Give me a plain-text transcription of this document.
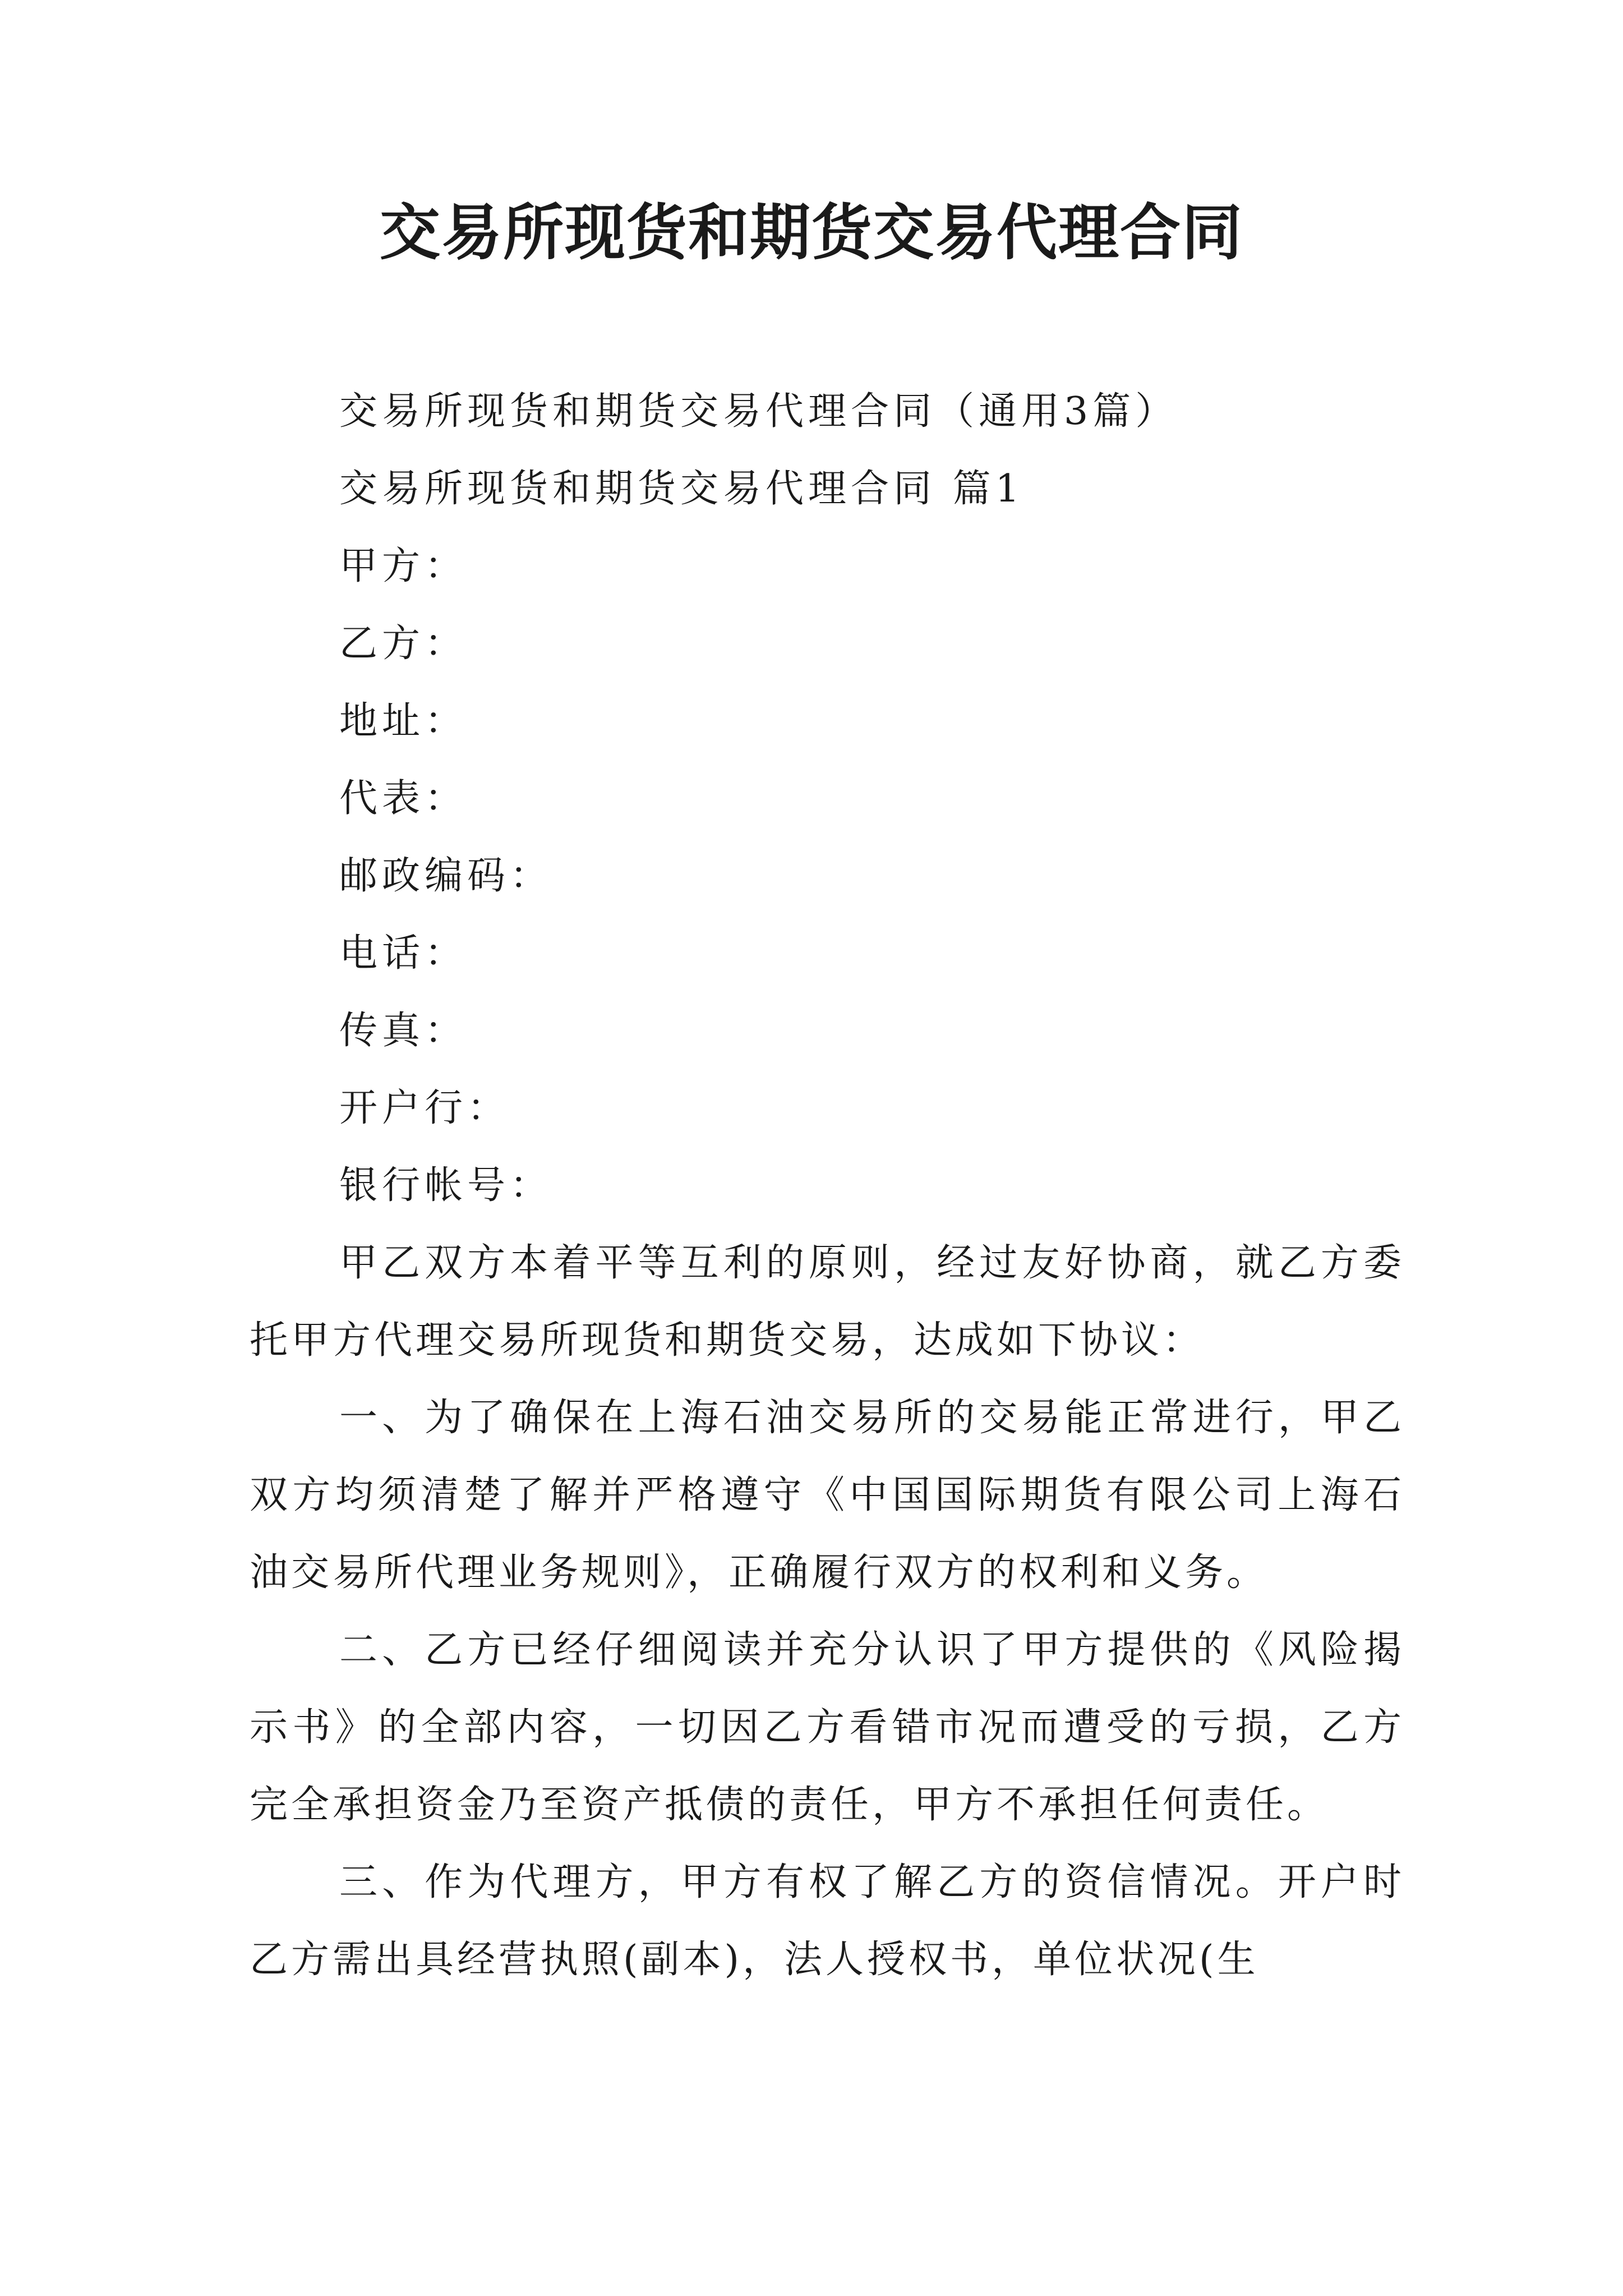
交易所现货和期货交易代理合同

交易所现货和期货交易代理合同（通用3篇）

交易所现货和期货交易代理合同 篇1

甲方：

乙方：

地址：

代表：

邮政编码：

电话：

传真：

开户行：

银行帐号：

甲乙双方本着平等互利的原则，经过友好协商，就乙方委托甲方代理交易所现货和期货交易，达成如下协议：

一、为了确保在上海石油交易所的交易能正常进行，甲乙双方均须清楚了解并严格遵守《中国国际期货有限公司上海石油交易所代理业务规则》，正确履行双方的权利和义务。

二、乙方已经仔细阅读并充分认识了甲方提供的《风险揭示书》的全部内容，一切因乙方看错市况而遭受的亏损，乙方完全承担资金乃至资产抵债的责任，甲方不承担任何责任。

三、作为代理方，甲方有权了解乙方的资信情况。开户时乙方需出具经营执照(副本)，法人授权书，单位状况(生
